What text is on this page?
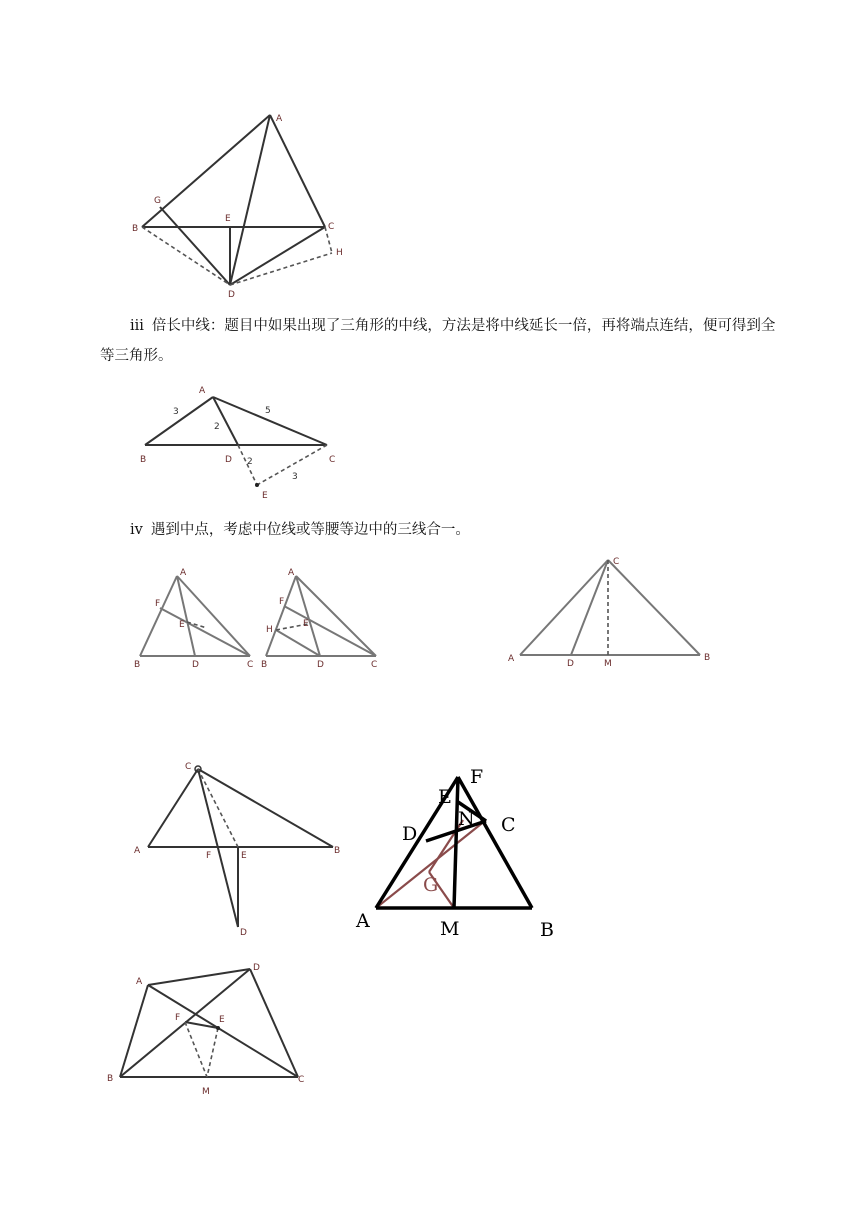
A
B	C
D
E
G
H

iii 倍长中线：题目中如果出现了三角形的中线，方法是将中线延长一倍，再将端点连结，便可得到全等三角形。

A
B	C
D
E
3	5
2
2
3

iv 遇到中点，考虑中位线或等腰等边中的三线合一。

A
B	C
D
E
F
A
B	C
D
E
F
H
C
A	B
D	M
C
A	B
F	E
D
A	B
C
D
E
F
N
G
M
A
B	C
D
E
F
M
